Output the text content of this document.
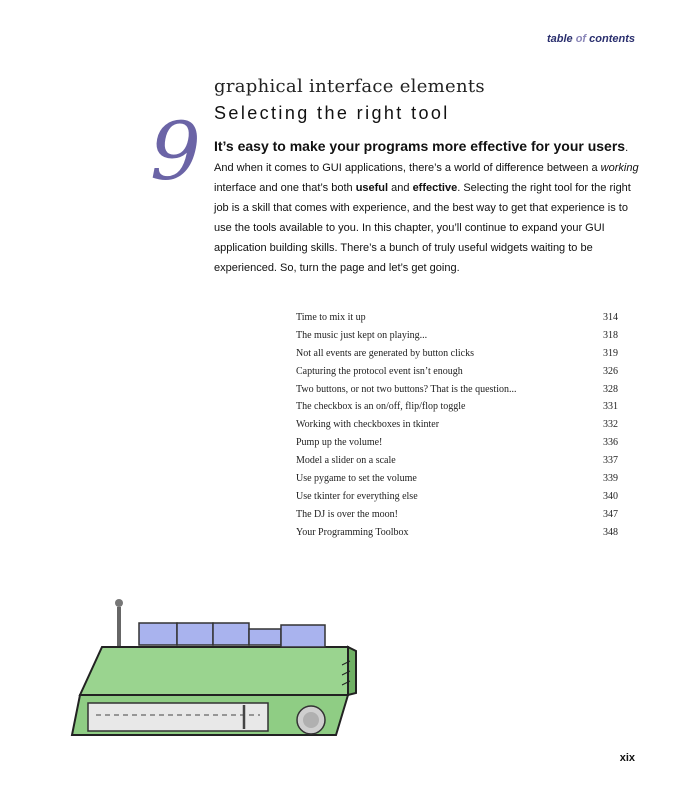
table of contents
graphical interface elements
Selecting the right tool
9 It’s easy to make your programs more effective for your users. And when it comes to GUI applications, there’s a world of difference between a working interface and one that’s both useful and effective. Selecting the right tool for the right job is a skill that comes with experience, and the best way to get that experience is to use the tools available to you. In this chapter, you’ll continue to expand your GUI application building skills. There’s a bunch of truly useful widgets waiting to be experienced. So, turn the page and let’s get going.
Time to mix it up	314
The music just kept on playing...	318
Not all events are generated by button clicks	319
Capturing the protocol event isn’t enough	326
Two buttons, or not two buttons? That is the question...	328
The checkbox is an on/off, flip/flop toggle	331
Working with checkboxes in tkinter	332
Pump up the volume!	336
Model a slider on a scale	337
Use pygame to set the volume	339
Use tkinter for everything else	340
The DJ is over the moon!	347
Your Programming Toolbox	348
xix
